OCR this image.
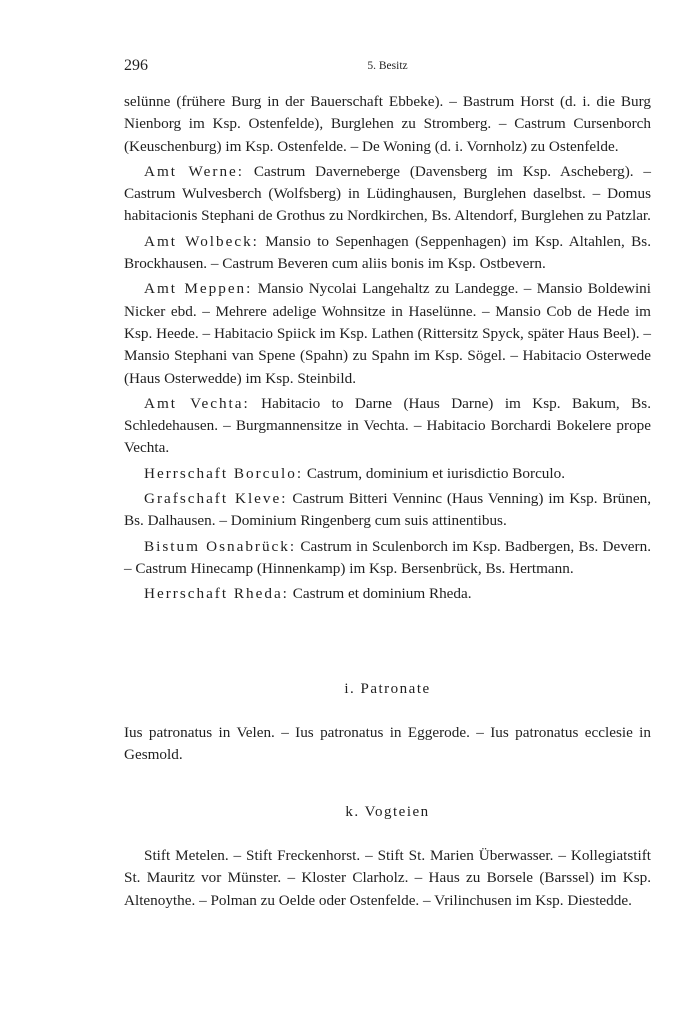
296	5. Besitz

selünne (frühere Burg in der Bauerschaft Ebbeke). – Bastrum Horst (d. i. die Burg Nienborg im Ksp. Ostenfelde), Burglehen zu Stromberg. – Castrum Cursenborch (Keuschenburg) im Ksp. Ostenfelde. – De Woning (d. i. Vornholz) zu Ostenfelde.

Amt Werne: Castrum Daverneberge (Davensberg im Ksp. Ascheberg). – Castrum Wulvesberch (Wolfsberg) in Lüdinghausen, Burglehen daselbst. – Domus habitacionis Stephani de Grothus zu Nordkirchen, Bs. Altendorf, Burglehen zu Patzlar.

Amt Wolbeck: Mansio to Sepenhagen (Seppenhagen) im Ksp. Altahlen, Bs. Brockhausen. – Castrum Beveren cum aliis bonis im Ksp. Ostbevern.

Amt Meppen: Mansio Nycolai Langehaltz zu Landegge. – Mansio Boldewini Nicker ebd. – Mehrere adelige Wohnsitze in Haselünne. – Mansio Cob de Hede im Ksp. Heede. – Habitacio Spiick im Ksp. Lathen (Rittersitz Spyck, später Haus Beel). – Mansio Stephani van Spene (Spahn) zu Spahn im Ksp. Sögel. – Habitacio Osterwede (Haus Osterwedde) im Ksp. Steinbild.

Amt Vechta: Habitacio to Darne (Haus Darne) im Ksp. Bakum, Bs. Schledehausen. – Burgmannensitze in Vechta. – Habitacio Borchardi Bokelere prope Vechta.

Herrschaft Borculo: Castrum, dominium et iurisdictio Borculo.

Grafschaft Kleve: Castrum Bitteri Venninc (Haus Venning) im Ksp. Brünen, Bs. Dalhausen. – Dominium Ringenberg cum suis attinentibus.

Bistum Osnabrück: Castrum in Sculenborch im Ksp. Badbergen, Bs. Devern. – Castrum Hinecamp (Hinnenkamp) im Ksp. Bersenbrück, Bs. Hertmann.

Herrschaft Rheda: Castrum et dominium Rheda.

i. Patronate

Ius patronatus in Velen. – Ius patronatus in Eggerode. – Ius patronatus ecclesie in Gesmold.

k. Vogteien

Stift Metelen. – Stift Freckenhorst. – Stift St. Marien Überwasser. – Kollegiatstift St. Mauritz vor Münster. – Kloster Clarholz. – Haus zu Borsele (Barssel) im Ksp. Altenoythe. – Polman zu Oelde oder Ostenfelde. – Vrilinchusen im Ksp. Diestedde.
